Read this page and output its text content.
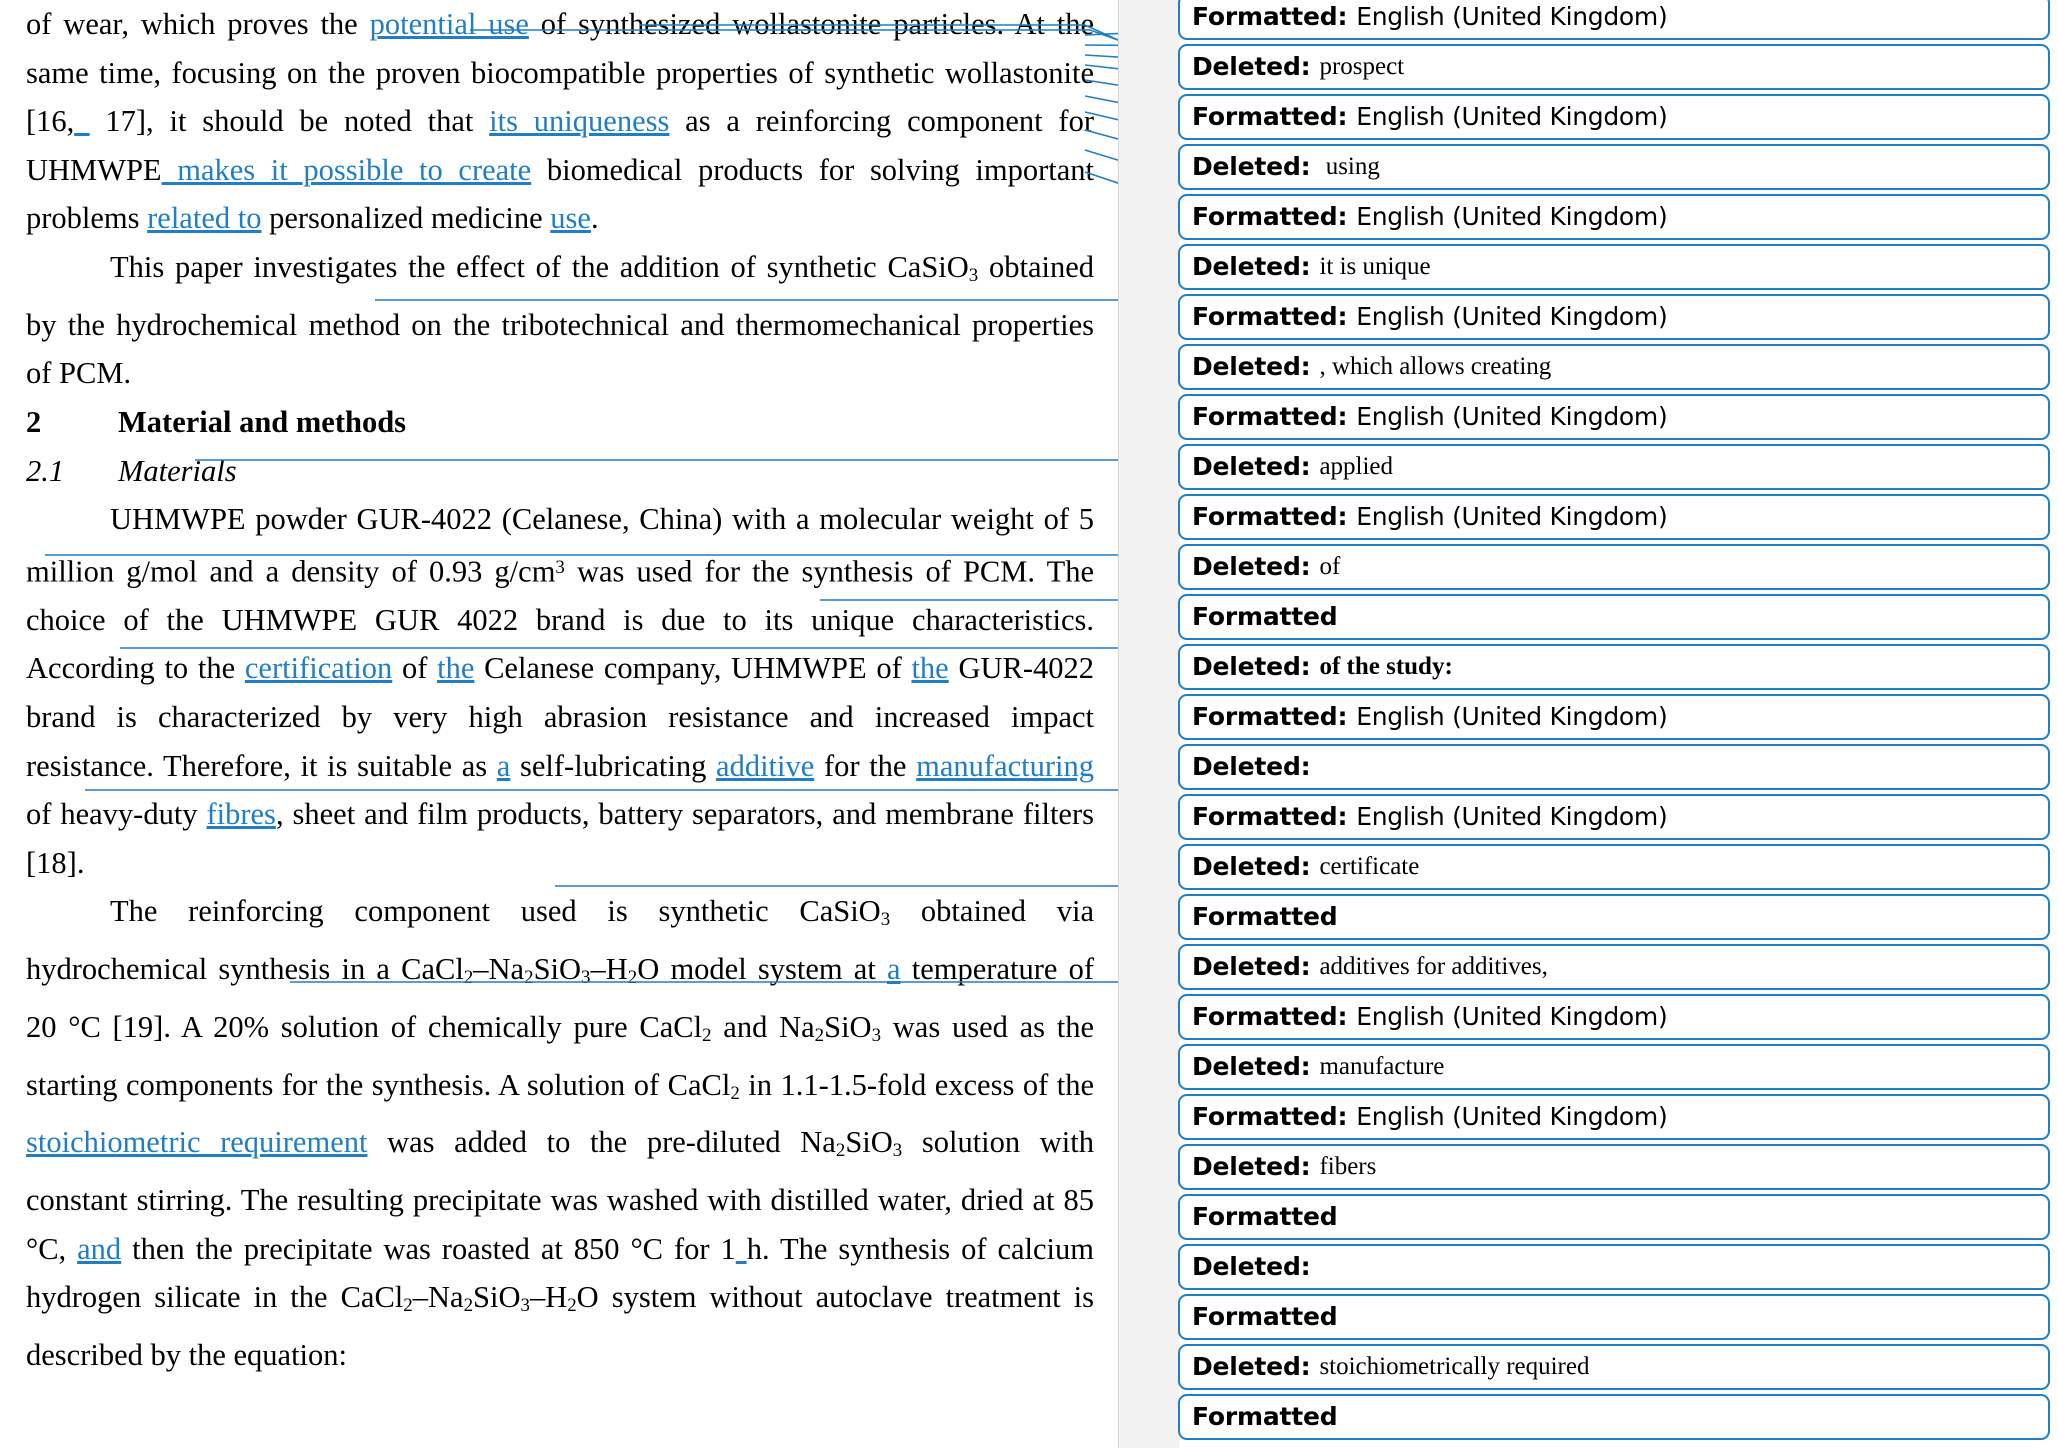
of wear, which proves the potential use of synthesized wollastonite particles. At the same time, focusing on the proven biocompatible properties of synthetic wollastonite [16,_ 17], it should be noted that its uniqueness as a reinforcing component for UHMWPE makes it possible to create biomedical products for solving important problems related to personalized medicine use.

This paper investigates the effect of the addition of synthetic CaSiO$_3$ obtained by the hydrochemical method on the tribotechnical and thermomechanical properties of PCM.

2	Material and methods
2.1	Materials

UHMWPE powder GUR-4022 (Celanese, China) with a molecular weight of 5 million g/mol and a density of 0.93 $g/cm^3$ was used for the synthesis of PCM. The choice of the UHMWPE GUR 4022 brand is due to its unique characteristics. According to the certification of the Celanese company, UHMWPE of the GUR-4022 brand is characterized by very high abrasion resistance and increased impact resistance. Therefore, it is suitable as a self-lubricating additive for the manufacturing of heavy-duty fibres, sheet and film products, battery separators, and membrane filters [18].

The reinforcing component used is synthetic CaSiO$_3$ obtained via hydrochemical synthesis in a $CaCl_2-Na_2SiO_3-H_2O$ model system at a temperature of 20 °C [19]. A 20% solution of chemically pure CaCl$_2$ and $Na_2SiO_3$ was used as the starting components for the synthesis. A solution of CaCl$_2$ in 1.1-1.5-fold excess of the stoichiometric requirement was added to the pre-diluted $Na_2SiO_3$ solution with constant stirring. The resulting precipitate was washed with distilled water, dried at 85 °C, and then the precipitate was roasted at 850 °C for 1 h. The synthesis of calcium hydrogen silicate in the $CaCl_2-Na_2SiO_3-H_2O$ system without autoclave treatment is described by the equation:

Formatted: English (United Kingdom)
Deleted: prospect
Formatted: English (United Kingdom)
Deleted: using
Formatted: English (United Kingdom)
Deleted: it is unique
Formatted: English (United Kingdom)
Deleted: , which allows creating
Formatted: English (United Kingdom)
Deleted: applied
Formatted: English (United Kingdom)
Deleted: of
Formatted
Deleted: of the study:
Formatted: English (United Kingdom)
Deleted:
Formatted: English (United Kingdom)
Deleted: certificate
Formatted
Deleted: additives for additives,
Formatted: English (United Kingdom)
Deleted: manufacture
Formatted: English (United Kingdom)
Deleted: fibers
Formatted
Deleted:
Formatted
Deleted: stoichiometrically required
Formatted
